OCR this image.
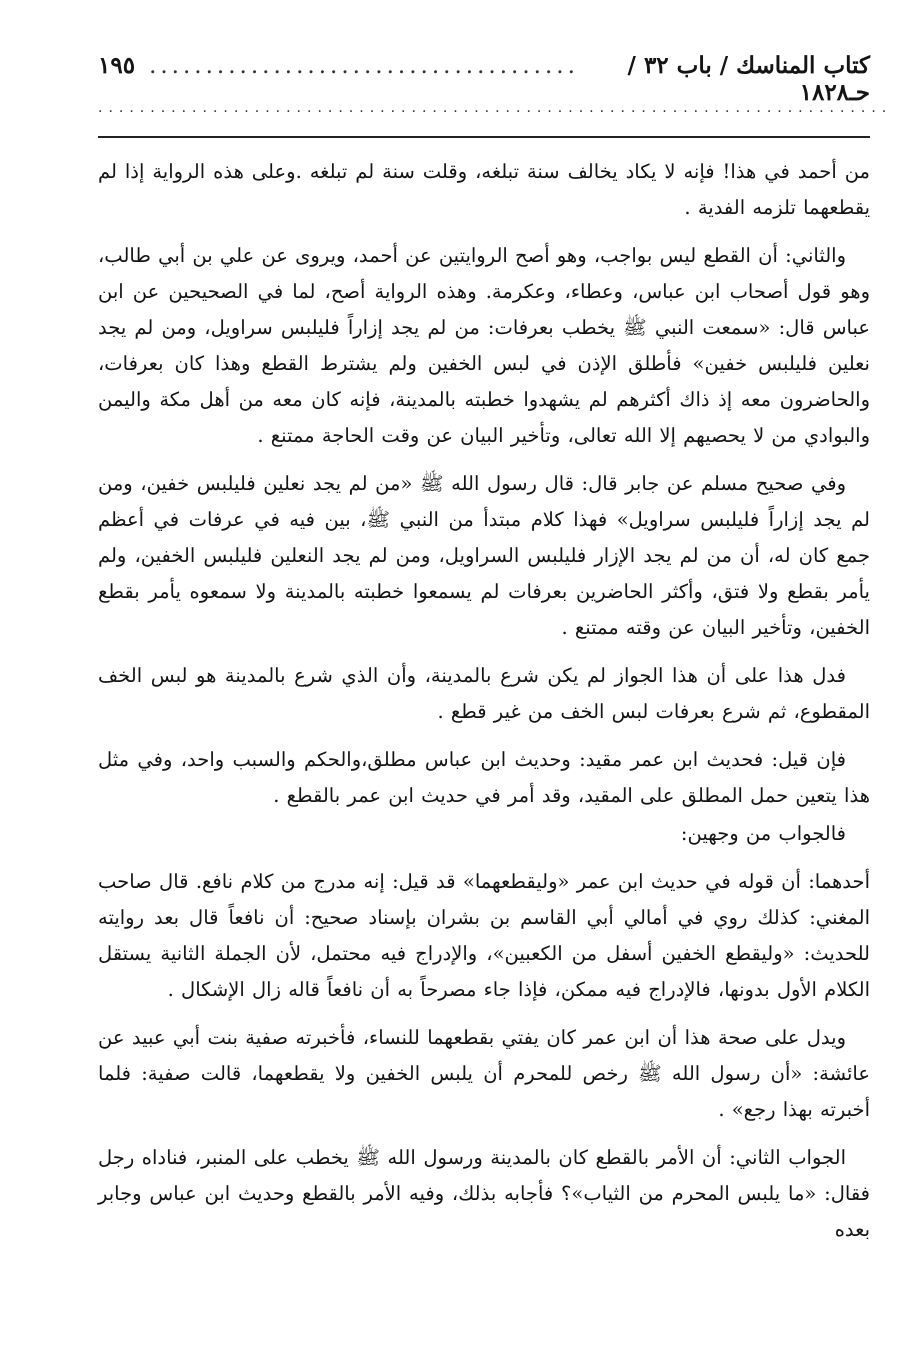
كتاب المناسك / باب ٣٢ / حـ١٨٢٨
......................................
١٩٥
............................................................................

من أحمد في هذا! فإنه لا يكاد يخالف سنة تبلغه، وقلت سنة لم تبلغه .وعلى هذه الرواية إذا لم يقطعهما تلزمه الفدية .

والثاني: أن القطع ليس بواجب، وهو أصح الروايتين عن أحمد، ويروى عن علي بن أبي طالب، وهو قول أصحاب ابن عباس، وعطاء، وعكرمة. وهذه الرواية أصح، لما في الصحيحين عن ابن عباس قال: «سمعت النبي ﷺ يخطب بعرفات: من لم يجد إزاراً فليلبس سراويل، ومن لم يجد نعلين فليلبس خفين» فأطلق الإذن في لبس الخفين ولم يشترط القطع وهذا كان بعرفات، والحاضرون معه إذ ذاك أكثرهم لم يشهدوا خطبته بالمدينة، فإنه كان معه من أهل مكة واليمن والبوادي من لا يحصيهم إلا الله تعالى، وتأخير البيان عن وقت الحاجة ممتنع .

وفي صحيح مسلم عن جابر قال: قال رسول الله ﷺ «من لم يجد نعلين فليلبس خفين، ومن لم يجد إزاراً فليلبس سراويل» فهذا كلام مبتدأ من النبي ﷺ، بين فيه في عرفات في أعظم جمع كان له، أن من لم يجد الإزار فليلبس السراويل، ومن لم يجد النعلين فليلبس الخفين، ولم يأمر بقطع ولا فتق، وأكثر الحاضرين بعرفات لم يسمعوا خطبته بالمدينة ولا سمعوه يأمر بقطع الخفين، وتأخير البيان عن وقته ممتنع .

فدل هذا على أن هذا الجواز لم يكن شرع بالمدينة، وأن الذي شرع بالمدينة هو لبس الخف المقطوع، ثم شرع بعرفات لبس الخف من غير قطع .

فإن قيل: فحديث ابن عمر مقيد: وحديث ابن عباس مطلق،والحكم والسبب واحد، وفي مثل هذا يتعين حمل المطلق على المقيد، وقد أمر في حديث ابن عمر بالقطع .

فالجواب من وجهين:

أحدهما: أن قوله في حديث ابن عمر «وليقطعهما» قد قيل: إنه مدرج من كلام نافع. قال صاحب المغني: كذلك روي في أمالي أبي القاسم بن بشران بإسناد صحيح: أن نافعاً قال بعد روايته للحديث: «وليقطع الخفين أسفل من الكعبين»، والإدراج فيه محتمل، لأن الجملة الثانية يستقل الكلام الأول بدونها، فالإدراج فيه ممكن، فإذا جاء مصرحاً به أن نافعاً قاله زال الإشكال .

ويدل على صحة هذا أن ابن عمر كان يفتي بقطعهما للنساء، فأخبرته صفية بنت أبي عبيد عن عائشة: «أن رسول الله ﷺ رخص للمحرم أن يلبس الخفين ولا يقطعهما، قالت صفية: فلما أخبرته بهذا رجع» .

الجواب الثاني: أن الأمر بالقطع كان بالمدينة ورسول الله ﷺ يخطب على المنبر، فناداه رجل فقال: «ما يلبس المحرم من الثياب»؟ فأجابه بذلك، وفيه الأمر بالقطع وحديث ابن عباس وجابر بعده
